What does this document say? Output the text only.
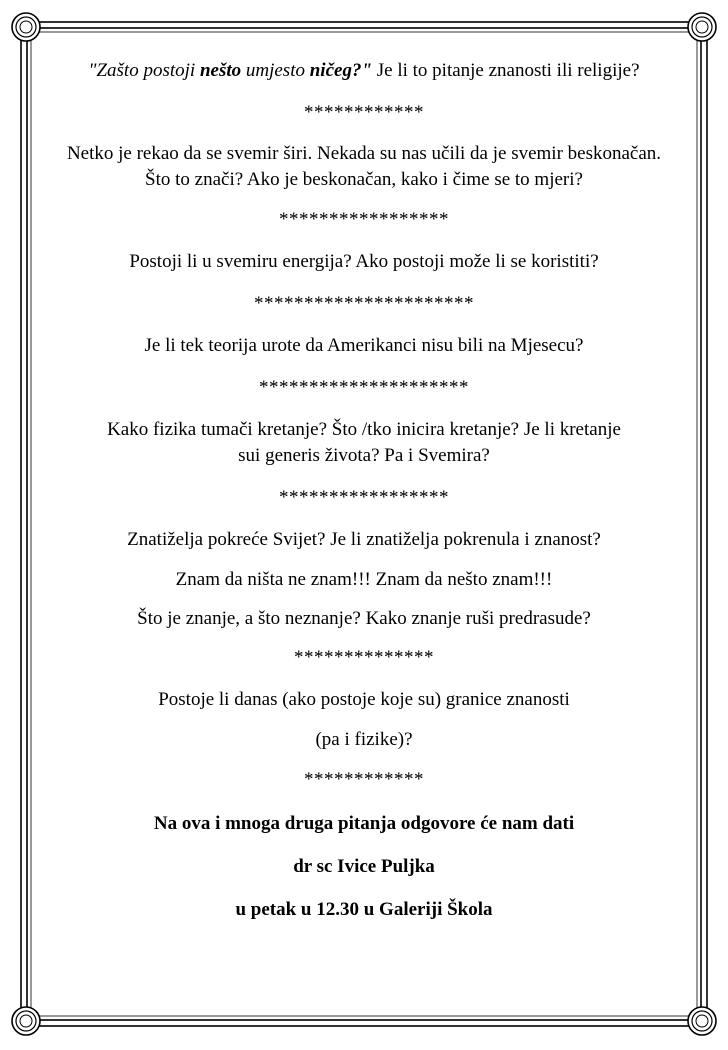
"Zašto postoji nešto umjesto ničeg?" Je li to pitanje znanosti ili religije?

************

Netko je rekao da se svemir širi. Nekada su nas učili da je svemir beskonačan. Što to znači? Ako je beskonačan, kako i čime se to mjeri?

*****************

Postoji li u svemiru energija? Ako postoji može li se koristiti?

**********************

Je li tek teorija urote da Amerikanci nisu bili na Mjesecu?

*********************

Kako fizika tumači kretanje? Što /tko inicira kretanje? Je li kretanje sui generis života? Pa i Svemira?

*****************

Znatiželja pokreće Svijet? Je li znatiželja pokrenula i znanost?

Znam da ništa ne znam!!! Znam da nešto znam!!!

Što je znanje, a što neznanje? Kako znanje ruši predrasude?

**************

Postoje li danas (ako postoje koje su) granice znanosti

(pa i fizike)?

************

Na ova i mnoga druga pitanja odgovore će nam dati

dr sc Ivice Puljka

u petak u 12.30 u Galeriji Škola
